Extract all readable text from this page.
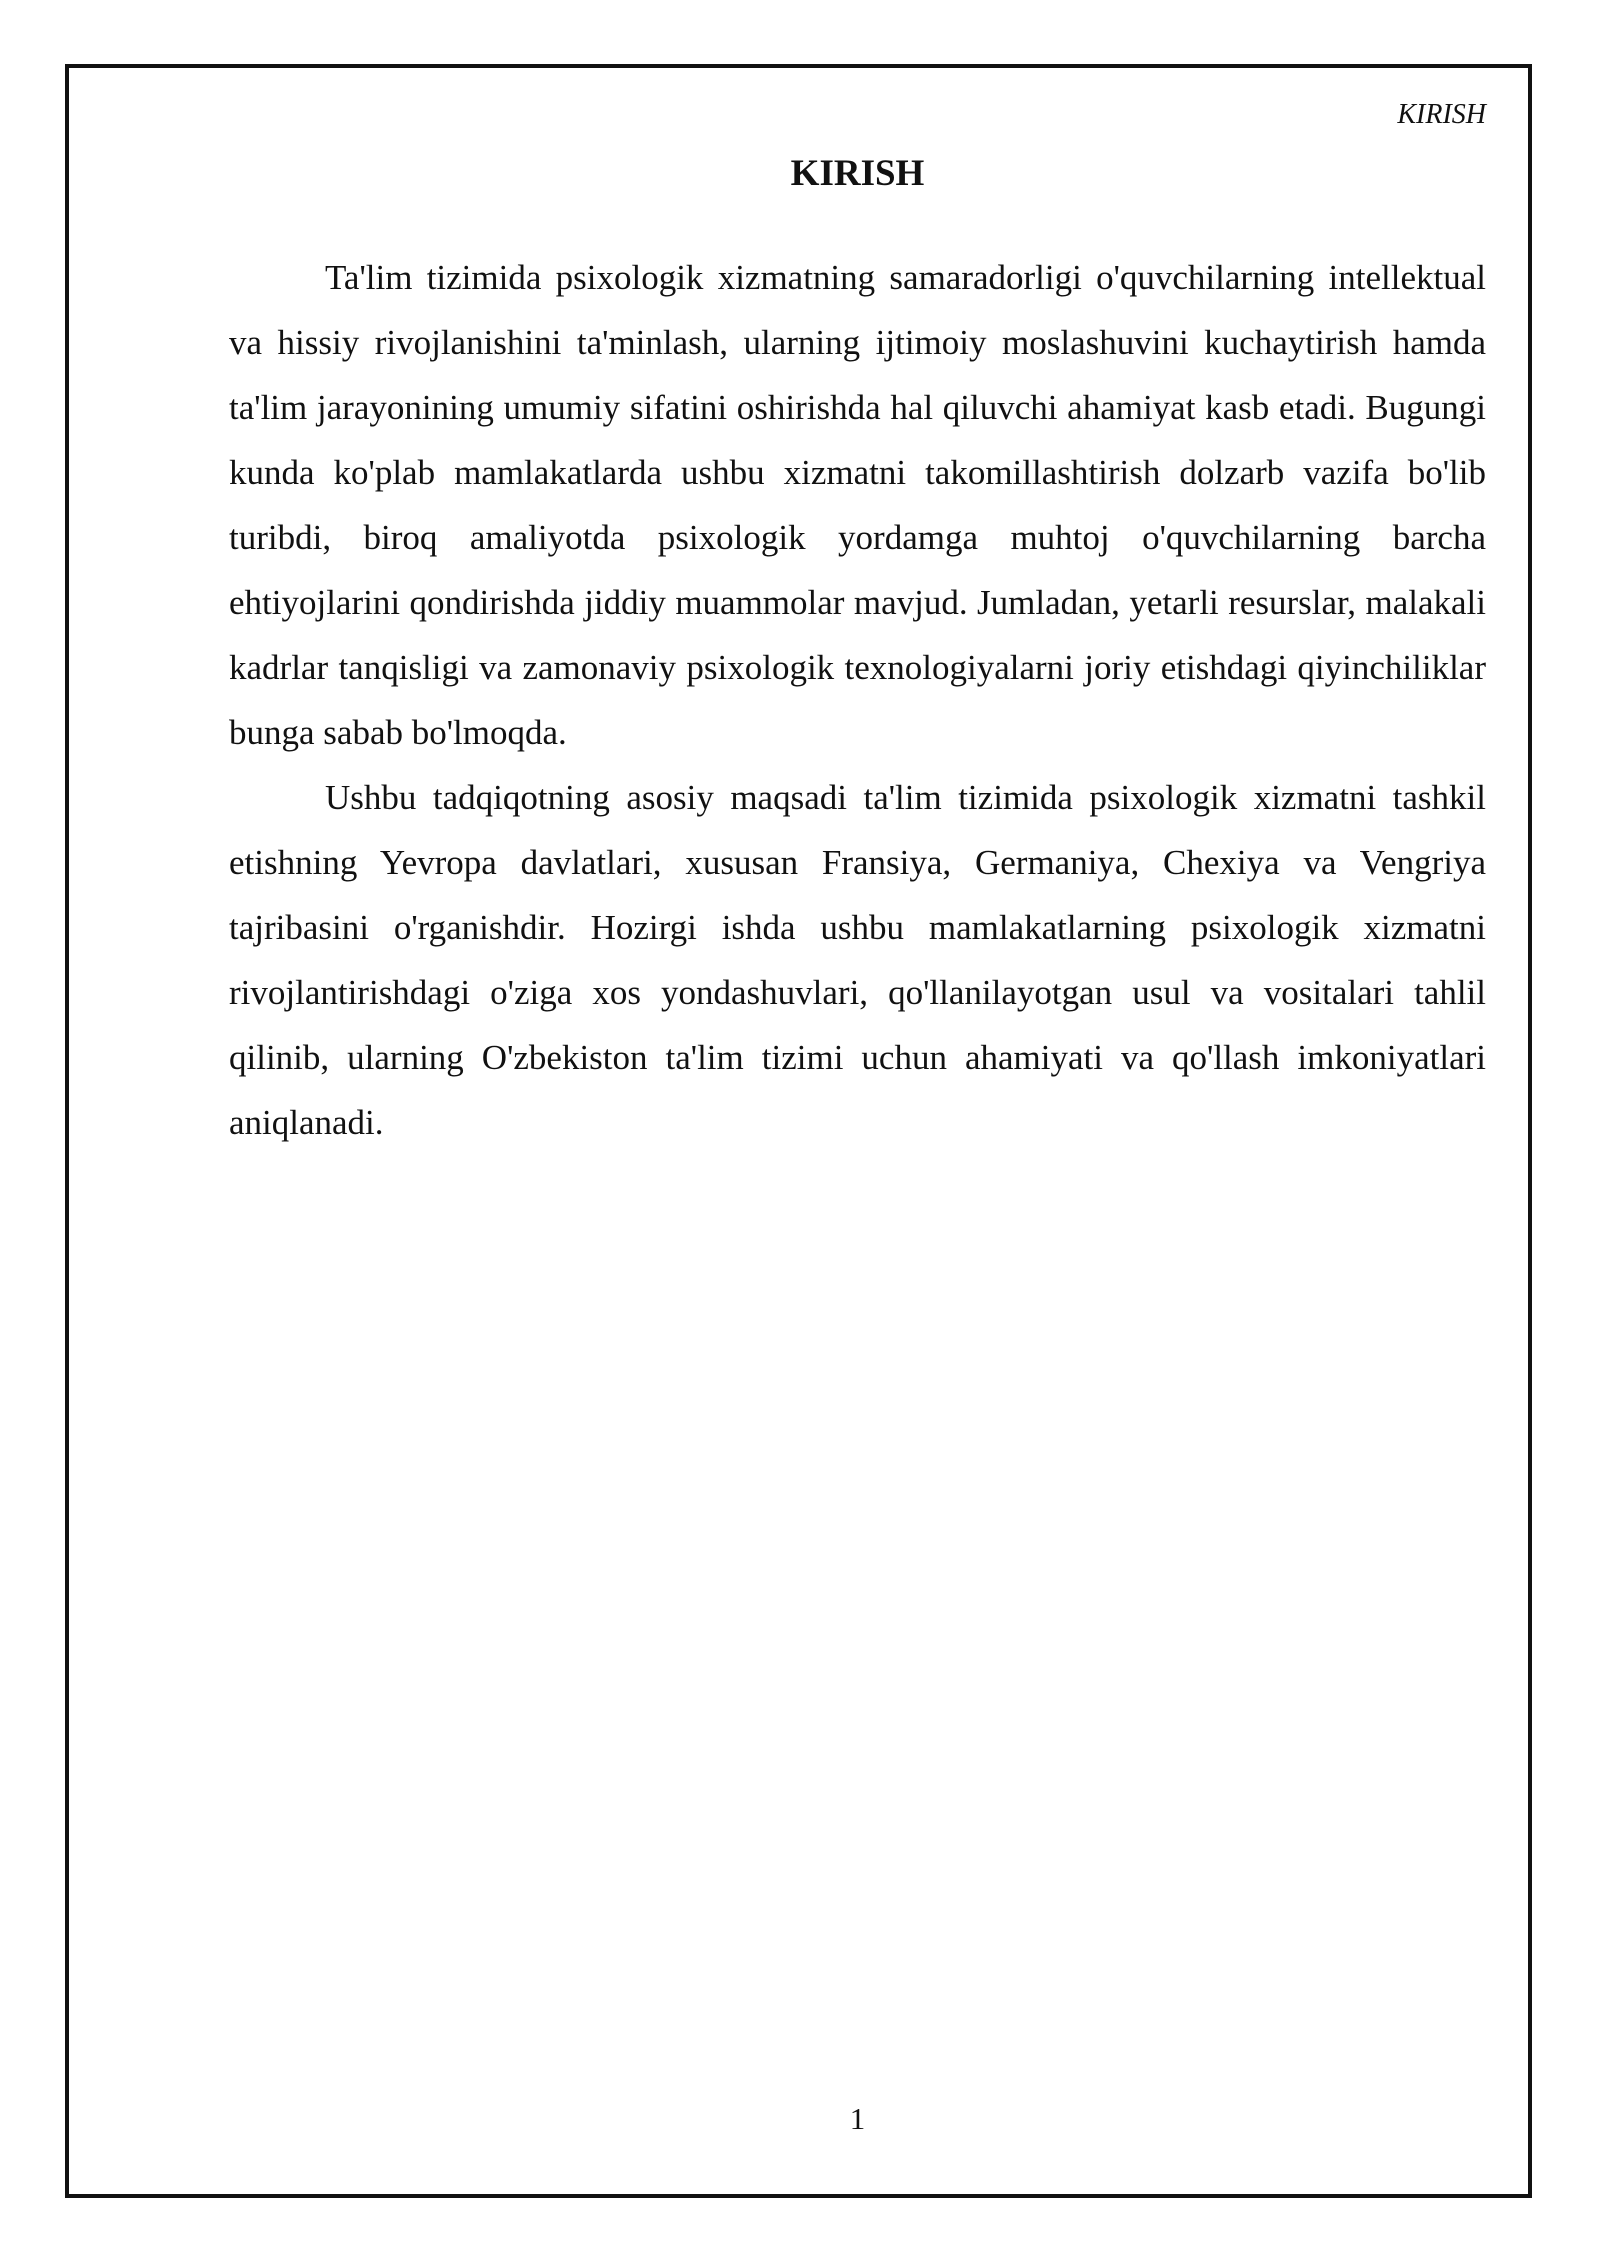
KIRISH
KIRISH

Ta'lim tizimida psixologik xizmatning samaradorligi o'quvchilarning intellektual va hissiy rivojlanishini ta'minlash, ularning ijtimoiy moslashuvini kuchaytirish hamda ta'lim jarayonining umumiy sifatini oshirishda hal qiluvchi ahamiyat kasb etadi. Bugungi kunda ko'plab mamlakatlarda ushbu xizmatni takomillashtirish dolzarb vazifa bo'lib turibdi, biroq amaliyotda psixologik yordamga muhtoj o'quvchilarning barcha ehtiyojlarini qondirishda jiddiy muammolar mavjud. Jumladan, yetarli resurslar, malakali kadrlar tanqisligi va zamonaviy psixologik texnologiyalarni joriy etishdagi qiyinchiliklar bunga sabab bo'lmoqda.

Ushbu tadqiqotning asosiy maqsadi ta'lim tizimida psixologik xizmatni tashkil etishning Yevropa davlatlari, xususan Fransiya, Germaniya, Chexiya va Vengriya tajribasini o'rganishdir. Hozirgi ishda ushbu mamlakatlarning psixologik xizmatni rivojlantirishdagi o'ziga xos yondashuvlari, qo'llanilayotgan usul va vositalari tahlil qilinib, ularning O'zbekiston ta'lim tizimi uchun ahamiyati va qo'llash imkoniyatlari aniqlanadi.

1
